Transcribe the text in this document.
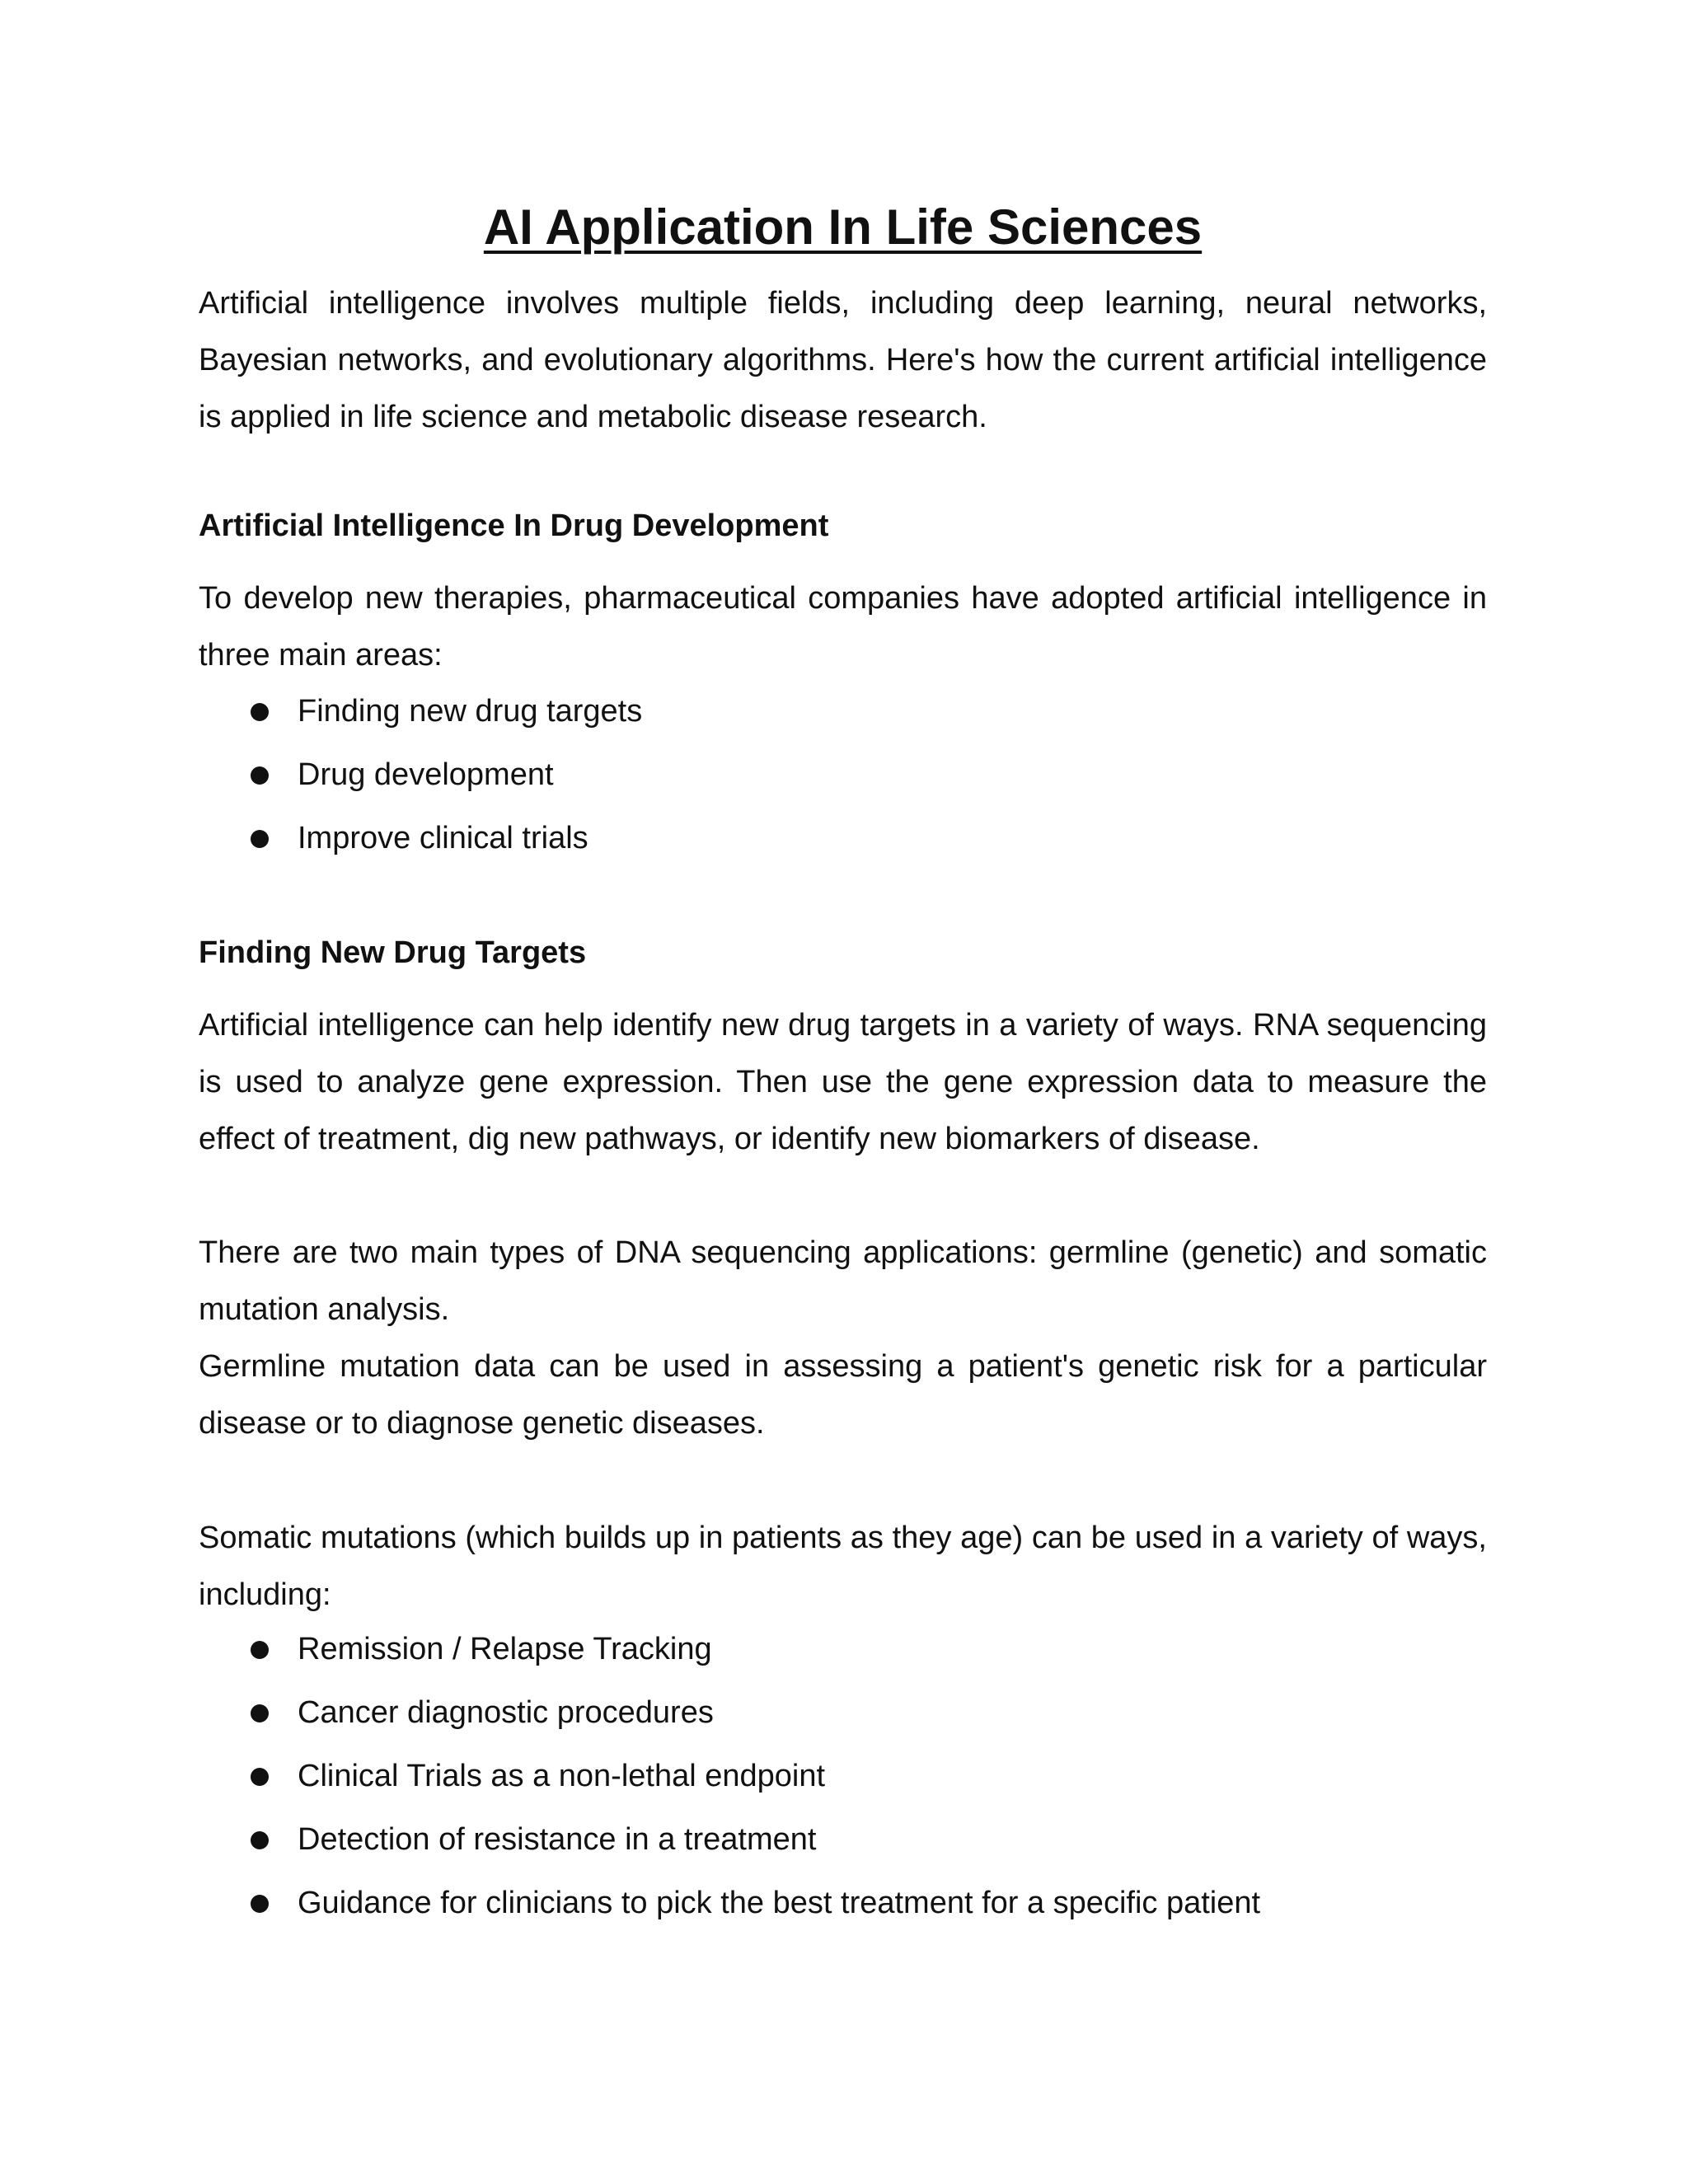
AI Application In Life Sciences

Artificial intelligence involves multiple fields, including deep learning, neural networks, Bayesian networks, and evolutionary algorithms. Here's how the current artificial intelligence is applied in life science and metabolic disease research.

Artificial Intelligence In Drug Development

To develop new therapies, pharmaceutical companies have adopted artificial intelligence in three main areas:

Finding new drug targets
Drug development
Improve clinical trials
Finding New Drug Targets

Artificial intelligence can help identify new drug targets in a variety of ways. RNA sequencing is used to analyze gene expression. Then use the gene expression data to measure the effect of treatment, dig new pathways, or identify new biomarkers of disease.

There are two main types of DNA sequencing applications: germline (genetic) and somatic mutation analysis.

Germline mutation data can be used in assessing a patient's genetic risk for a particular disease or to diagnose genetic diseases.

Somatic mutations (which builds up in patients as they age) can be used in a variety of ways, including:

Remission / Relapse Tracking
Cancer diagnostic procedures
Clinical Trials as a non-lethal endpoint
Detection of resistance in a treatment
Guidance for clinicians to pick the best treatment for a specific patient
